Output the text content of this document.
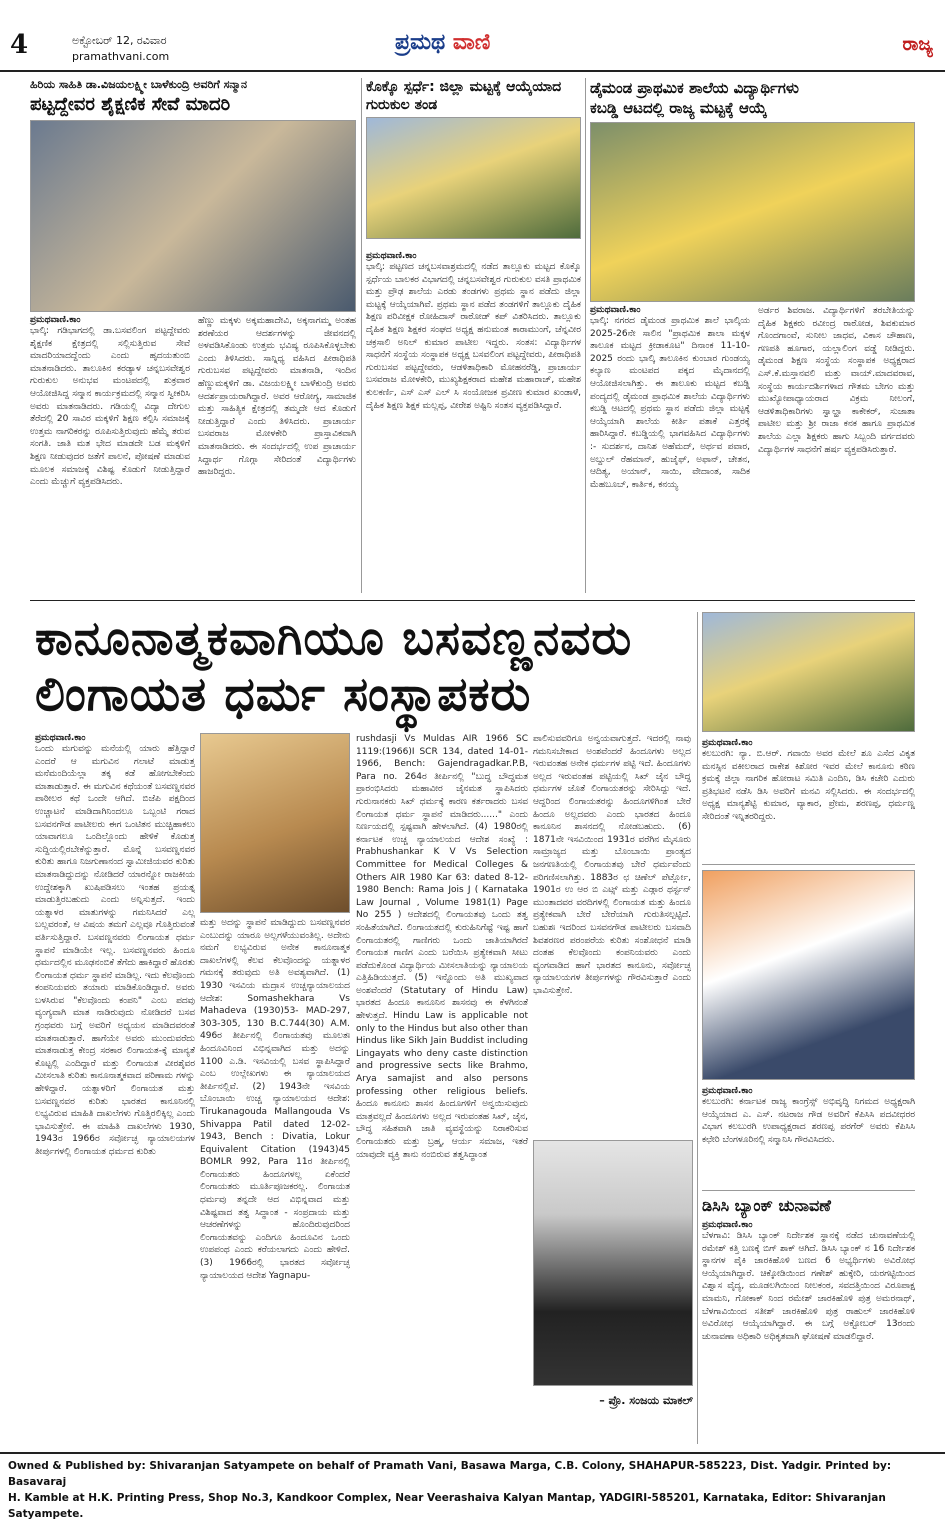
4	ಅಕ್ಟೋಬರ್ 12, ರವಿವಾರ
pramathvani.com
ಪ್ರಮಥ ವಾಣಿ	ರಾಜ್ಯ
ಹಿರಿಯ ಸಾಹಿತಿ ಡಾ.ವಿಜಯಲಕ್ಷ್ಮೀ ಬಾಳೆಕುಂದ್ರಿ ಅವರಿಗೆ ಸನ್ಮಾನ
ಪಟ್ಟದ್ದೇವರ ಶೈಕ್ಷಣಿಕ ಸೇವೆ ಮಾದರಿ
ಪ್ರಮಥವಾಣಿ.ಕಾಂ
ಭಾಲ್ಕಿ: ಗಡಿಭಾಗದಲ್ಲಿ ಡಾ.ಬಸವಲಿಂಗ ಪಟ್ಟದ್ದೇವರು ಶೈಕ್ಷಣಿಕ ಕ್ಷೇತ್ರದಲ್ಲಿ ಸಲ್ಲಿಸುತ್ತಿರುವ ಸೇವೆ ಮಾದರಿಯಾದದ್ದೆಂದು ಎಂದು ಹೃದಯತುಂಬಿ ಮಾತನಾಡಿದರು. ತಾಲೂಕಿನ ಕರಡ್ಯಾಳ ಚನ್ನಬಸವೇಶ್ವರ ಗುರುಕುಲ ಅನುಭವ ಮಂಟಪದಲ್ಲಿ ಶುಕ್ರವಾರ ಆಯೋಜಿಸಿದ್ದ ಸನ್ಮಾನ ಕಾರ್ಯಕ್ರಮದಲ್ಲಿ ಸನ್ಮಾನ ಸ್ವೀಕರಿಸಿ ಅವರು ಮಾತನಾಡಿದರು. ಗಡಿಯಲ್ಲಿ ವಿದ್ಯಾ ದೇಗುಲ ತೆರೆದಲ್ಲಿ 20 ಸಾವಿರ ಮಕ್ಕಳಿಗೆ ಶಿಕ್ಷಣ ಕಲ್ಪಿಸಿ ಸಮಾಜಕ್ಕೆ ಉತ್ತಮ ನಾಗರಿಕರನ್ನು ರೂಪಿಸುತ್ತಿರುವುದು ಹೆಮ್ಮೆ ತರುವ ಸಂಗತಿ. ಜಾತಿ ಮತ ಭೇದ ಮಾಡದೇ ಬಡ ಮಕ್ಕಳಿಗೆ ಶಿಕ್ಷಣ ನೀಡುವುದರ ಜತೆಗೆ ಪಾಲನೆ, ಪೋಷಣೆ ಮಾಡುವ ಮೂಲಕ ಸಮಾಜಕ್ಕೆ ವಿಶಿಷ್ಟ ಕೊಡುಗೆ ನೀಡುತ್ತಿದ್ದಾರೆ ಎಂದು ಮೆಚ್ಚುಗೆ ವ್ಯಕ್ತಪಡಿಸಿದರು.
ಹೆಣ್ಣು ಮಕ್ಕಳು ಅಕ್ಕಮಹಾದೇವಿ, ಅಕ್ಕನಾಗಮ್ಮ ಅಂತಹ ಶರಣೆಯರ ಆದರ್ಶಗಳನ್ನು ಜೀವನದಲ್ಲಿ ಅಳವಡಿಸಿಕೊಂಡು ಉತ್ತಮ ಭವಿಷ್ಯ ರೂಪಿಸಿಕೊಳ್ಳಬೇಕು ಎಂದು ತಿಳಿಸಿದರು. ಸಾನ್ನಿಧ್ಯ ವಹಿಸಿದ ಪೀಠಾಧಿಪತಿ ಗುರುಬಸವ ಪಟ್ಟದ್ದೇವರು ಮಾತನಾಡಿ, ಇಂದಿನ ಹೆಣ್ಣುಮಕ್ಕಳಿಗೆ ಡಾ. ವಿಜಯಲಕ್ಷ್ಮೀ ಬಾಳೆಕುಂದ್ರಿ ಅವರು ಆದರ್ಶಪ್ರಾಯರಾಗಿದ್ದಾರೆ. ಅವರ ಆರೋಗ್ಯ, ಸಾಮಾಜಿಕ ಮತ್ತು ಸಾಹಿತ್ಯಿಕ ಕ್ಷೇತ್ರದಲ್ಲಿ ತಮ್ಮದೇ ಆದ ಕೊಡುಗೆ ನೀಡುತ್ತಿದ್ದಾರೆ ಎಂದು ತಿಳಿಸಿದರು. ಪ್ರಾಚಾರ್ಯ ಬಸವರಾಜ ಮೋಳಕೇರಿ ಪ್ರಾಸ್ತಾವಿಕವಾಗಿ ಮಾತನಾಡಿದರು. ಈ ಸಂದರ್ಭದಲ್ಲಿ ಉಪ ಪ್ರಾಚಾರ್ಯ ಸಿದ್ದಾರ್ಥ ಗೊಗ್ಗಾ ಸೇರಿದಂತೆ ವಿದ್ಯಾರ್ಥಿಗಳು ಹಾಜರಿದ್ದರು.
ಕೊಕ್ಕೊ ಸ್ಪರ್ಧೆ: ಜಿಲ್ಲಾ ಮಟ್ಟಕ್ಕೆ ಆಯ್ಕೆಯಾದ ಗುರುಕುಲ ತಂಡ
ಪ್ರಮಥವಾಣಿ.ಕಾಂ
ಭಾಲ್ಕಿ: ಪಟ್ಟಣದ ಚನ್ನಬಸವಾಶ್ರಮದಲ್ಲಿ ನಡೆದ ತಾಲ್ಲೂಕು ಮಟ್ಟದ ಕೊಕ್ಕೊ ಸ್ಪರ್ಧೆಯ ಬಾಲಕರ ವಿಭಾಗದಲ್ಲಿ ಚನ್ನಬಸವೇಶ್ವರ ಗುರುಕುಲ ವಸತಿ ಪ್ರಾಥಮಿಕ ಮತ್ತು ಪ್ರೌಢ ಶಾಲೆಯ ಎರಡು ತಂಡಗಳು ಪ್ರಥಮ ಸ್ಥಾನ ಪಡೆದು ಜಿಲ್ಲಾ ಮಟ್ಟಕ್ಕೆ ಆಯ್ಕೆಯಾಗಿವೆ. ಪ್ರಥಮ ಸ್ಥಾನ ಪಡೆದ ತಂಡಗಳಿಗೆ ತಾಲ್ಲೂಕು ದೈಹಿಕ ಶಿಕ್ಷಣ ಪರಿವೀಕ್ಷಕ ರೋಹಿದಾಸ್ ರಾಠೋಡ್ ಕಪ್ ವಿತರಿಸಿದರು. ತಾಲ್ಲೂಕು ದೈಹಿಕ ಶಿಕ್ಷಣ ಶಿಕ್ಷಕರ ಸಂಘದ ಅಧ್ಯಕ್ಷ ಹನುಮಂತ ಕಾರಾಮುಂಗೆ, ಚೆನ್ನವೀರ ಚಕ್ರಸಾಲಿ ಅನಿಲ್ ಕುಮಾರ ಪಾಟೀಲ ಇದ್ದರು. ಸಂತಸ: ವಿದ್ಯಾರ್ಥಿಗಳ ಸಾಧನೆಗೆ ಸಂಸ್ಥೆಯ ಸಂಸ್ಥಾಪಕ ಅಧ್ಯಕ್ಷ ಬಸವಲಿಂಗ ಪಟ್ಟದ್ದೇವರು, ಪೀಠಾಧಿಪತಿ ಗುರುಬಸವ ಪಟ್ಟದ್ದೇವರು, ಆಡಳಿತಾಧಿಕಾರಿ ಮೋಹನರೆಡ್ಡಿ, ಪ್ರಾಚಾರ್ಯ ಬಸವರಾಜ ಮೋಳಕೇರಿ, ಮುಖ್ಯಶಿಕ್ಷಕರಾದ ಮಹೇಶ ಮಹಾರಾಜ್, ಮಹೇಶ ಕುಲಕರ್ಣಿ, ಎಸ್ ಎಸ್ ಎಲ್ ಸಿ ಸಂಯೋಜಕ ಪ್ರವೀಣ ಕುಮಾರ ಖಂಡಾಳೆ, ದೈಹಿಕ ಶಿಕ್ಷಣ ಶಿಕ್ಷಕ ಮಲ್ಲಪ್ಪ, ವೀರೇಶ ಅಷ್ಟಿನಿ ಸಂತಸ ವ್ಯಕ್ತಪಡಿಸಿದ್ದಾರೆ.
ಡೈಮಂಡ ಪ್ರಾಥಮಿಕ ಶಾಲೆಯ ವಿದ್ಯಾರ್ಥಿಗಳು
ಕಬಡ್ಡಿ ಆಟದಲ್ಲಿ ರಾಜ್ಯ ಮಟ್ಟಕ್ಕೆ ಆಯ್ಕೆ
ಪ್ರಮಥವಾಣಿ.ಕಾಂ
ಭಾಲ್ಕಿ: ನಗರದ ಡೈಮಂಡ ಪ್ರಾಥಮಿಕ ಶಾಲೆ ಭಾಲ್ಕಿಯ 2025-26ನೇ ಸಾಲಿನ "ಪ್ರಾಥಮಿಕ ಶಾಲಾ ಮಕ್ಕಳ ತಾಲೂಕ ಮಟ್ಟದ ಕ್ರೀಡಾಕೂಟ" ದಿನಾಂಕ 11-10-2025 ರಂದು ಭಾಲ್ಕಿ ತಾಲೂಕಿನ ಕುಂಬಾರ ಗುಂಡಯ್ಯ ಕಲ್ಯಾಣ ಮಂಟಪದ ಪಕ್ಕದ ಮೈದಾನದಲ್ಲಿ ಆಯೋಜಿಸಲಾಗಿತ್ತು. ಈ ತಾಲೂಕು ಮಟ್ಟದ ಕಬಡ್ಡಿ ಪಂದ್ಯದಲ್ಲಿ ಡೈಮಂಡ ಪ್ರಾಥಮಿಕ ಶಾಲೆಯ ವಿದ್ಯಾರ್ಥಿಗಳು ಕಬಡ್ಡಿ ಆಟದಲ್ಲಿ ಪ್ರಥಮ ಸ್ಥಾನ ಪಡೆದು ಜಿಲ್ಲಾ ಮಟ್ಟಕ್ಕೆ ಆಯ್ಕೆಯಾಗಿ ಶಾಲೆಯ ಕೀರ್ತಿ ಪತಾಕೆ ಎತ್ತರಕ್ಕೆ ಹಾರಿಸಿದ್ದಾರೆ. ಕಬಡ್ಡಿಯಲ್ಲಿ ಭಾಗವಹಿಸಿದ ವಿದ್ಯಾರ್ಥಿಗಳು :- ಸುದರ್ಶನ, ದಾನಿಶ ಅಹೆಮದ್, ಅರ್ಥವ ಪವಾರ, ಅಬ್ದುಲ್ ರೆಹಮಾನ್, ಹುಜೈಫ್, ಅಫಾನ್, ಚೇತನ, ಆದಿತ್ಯ, ಅಯಾನ್, ಸಾಯಿ, ವೇದಾಂತ, ಸಾದಿಕ ಮೆಹಬೂಬ್, ಕಾರ್ತಿಕ, ಕನಯ್ಯ
ಅರ್ಡರ ಶಿವರಾಜ. ವಿದ್ಯಾರ್ಥಿಗಳಿಗೆ ತರಬೇತಿಯನ್ನು ದೈಹಿಕ ಶಿಕ್ಷಕರು ರವೀಂದ್ರ ರಾಠೋಡ, ಶಿವಕುಮಾರ ಗೊಂದಗಾಂವೆ, ಸುನೀಲ ಜಾಧವ, ವಿಕಾಸ ಚೌಹಾಣ, ಗಣಪತಿ ಹೂಗಾರ, ಯಲ್ಲಾಲಿಂಗ ವಡ್ಡೆ ನೀಡಿದ್ದರು. ಡೈಮಂಡ ಶಿಕ್ಷಣ ಸಂಸ್ಥೆಯ ಸಂಸ್ಥಾಪಕ ಅಧ್ಯಕ್ಷರಾದ ಎಸ್.ಕೆ.ಮಸ್ತಾನವಲಿ ಮತ್ತು ವಾಯ್.ಮಾದವರಾವ, ಸಂಸ್ಥೆಯ ಕಾರ್ಯದರ್ಶಿಗಳಾದ ಗೌತಮ ಬೇಗಂ ಮತ್ತು ಮುಖ್ಯೋಪಾಧ್ಯಾಯರಾದ ವಿಕ್ರಮ ನೀಲಂಗೆ, ಆಡಳಿತಾಧಿಕಾರಿಗಳು ಸ್ವಾಲ್ಹಾ ಕಾಕೇಕರ್, ಸುಜಾತಾ ಪಾಟೀಲ ಮತ್ತು ಶ್ರೀ ರಾಜಾ ಕನಕ ಹಾಗೂ ಪ್ರಾಥಮಿಕ ಶಾಲೆಯ ಎಲ್ಲಾ ಶಿಕ್ಷಕರು ಹಾಗು ಸಿಬ್ಬಂದಿ ವರ್ಗದವರು ವಿದ್ಯಾರ್ಥಿಗಳ ಸಾಧನೆಗೆ ಹರ್ಷ ವ್ಯಕ್ತಪಡಿಸಿರುತ್ತಾರೆ.
ಕಾನೂನಾತ್ಮಕವಾಗಿಯೂ ಬಸವಣ್ಣನವರು
ಲಿಂಗಾಯತ ಧರ್ಮ ಸಂಸ್ಥಾಪಕರು
ಪ್ರಮಥವಾಣಿ.ಕಾಂ
ಒಂದು ಮಗುವನ್ನು ಮನೆಯಲ್ಲಿ ಯಾರು ಹೆತ್ತಿದ್ದಾರೆ ಎಂದರೆ ಆ ಮಗುವಿನ ಗಲಾಟೆ ಮಾಡುತ್ತ ಮನೆಮಂದಿಯೆಲ್ಲಾ ತಕ್ಕ ಕಡೆ ಹೋಗಬೇಕೆಂದು ಮಾತಾಡುತ್ತಾರೆ. ಈ ಮಗುವಿನ ಕಥೆಯಂತೆ ಬಸವಣ್ಣನವರ ಪಾಠೀಲರ ಕಥೆ ಒಂದೇ ಆಗಿದೆ. ಬಿಜೆಪಿ ಪಕ್ಷದಿಂದ ಉಚ್ಚಾಟನೆ ಮಾಡಿದಾಗಿನಿಂದಲೂ ಒಬ್ಬಂಟಿ ಗರಾದ ಬಸವನಗೌಡ ಪಾಟೀಲರು ಈಗ ಒಂಟಿತನ ಮುಚ್ಚಿಹಾಕಲು ಯಾವಾಗಲೂ ಒಂದಿಲ್ಲೊಂದು ಹೇಳಿಕೆ ಕೊಡುತ್ತ ಸುದ್ದಿಯಲ್ಲಿರಬೇಕೆನ್ನುತ್ತಾರೆ. ಮೊನ್ನೆ ಬಸವಣ್ಣನವರ ಕುರಿತು ಹಾಗೂ ನಿಜಗುಣಾನಂದ ಸ್ವಾಮೀಜಿಯವರ ಕುರಿತು ಮಾತನಾಡಿದ್ದುದನ್ನು ನೋಡಿದರೆ ಯಾರನ್ನೋ ರಾಜಕೀಯ ಉದ್ದೇಶಕ್ಕಾಗಿ ಖುಷಿಪಡಿಸಲು ಇಂತಹ ಪ್ರಯತ್ನ ಮಾಡುತ್ತಿರಬಹುದು ಎಂದು ಅನ್ನಿಸುತ್ತದೆ. ಇಂದು ಯತ್ನಾಳರ ಮಾತುಗಳನ್ನು ಗಮನಿಸಿದರೆ ಎಲ್ಲ ಬಲ್ಲವರಂತೆ, ಆ ವಿಷಯ ತಮಗೆ ಎಲ್ಲವೂ ಗೊತ್ತಿರುವಂತೆ ವರ್ತಿಸುತ್ತಿದ್ದಾರೆ. ಬಸವಣ್ಣನವರು ಲಿಂಗಾಯತ ಧರ್ಮ ಸ್ಥಾಪನೆ ಮಾಡಿಯೇ ಇಲ್ಲ. ಬಸವಣ್ಣನವರು ಹಿಂದೂ ಧರ್ಮದಲ್ಲಿನ ಮೂಢನಂಬಿಕೆ ತೆಗೆದು ಹಾಕಿದ್ದಾರೆ ಹೊರತು ಲಿಂಗಾಯತ ಧರ್ಮ ಸ್ಥಾಪನೆ ಮಾಡಿಲ್ಲ. ಇದು ಕೆಲವೊಂದು ಕಂಪನಿಯವರು ತಯಾರು ಮಾಡಿಕೊಂಡಿದ್ದಾರೆ. ಅವರು ಬಳಸಿರುವ "ಕೆಲವೊಂದು ಕಂಪನಿ" ಎಂಬ ಪದವು ವ್ಯಂಗ್ಯವಾಗಿ ಮಾತ ನಾಡಿರುವುದು ನೋಡಿದರೆ ಬಸವ ಗ್ರಂಥವರು ಬಗ್ಗೆ ಅವರಿಗೆ ಅಧ್ಯಯನ ಮಾಡಿದವರಂತೆ ಮಾತನಾಡುತ್ತಾರೆ. ಹಾಗೆಯೇ ಅವರು ಮುಂದುವರೆದು ಮಾತನಾಡುತ್ತ ಕೇಂದ್ರ ಸರಕಾರ ಲಿಂಗಾಯತ-ಕ್ಕೆ ಮಾನ್ಯತೆ ಕೊಟ್ಟಲ್ಲಿ ಎಂದಿದ್ದಾರೆ ಮತ್ತು ಲಿಂಗಾಯತ ವೀರಶೈವರ ಮೀಸಲಾತಿ ಕುರಿತು ಕಾನೂನಾತ್ಮಕವಾದ ಪರಿಣಾಮ ಗಳನ್ನು ಹೇಳಿದ್ದಾರೆ. ಯತ್ನಾಳರಿಗೆ ಲಿಂಗಾಯತ ಮತ್ತು ಬಸವಣ್ಣನವರ ಕುರಿತು ಭಾರತದ ಕಾನೂನಿನಲ್ಲಿ ಲಭ್ಯವಿರುವ ಮಾಹಿತಿ ದಾಖಲೆಗಳು ಗೊತ್ತಿರಲಿಕ್ಕಿಲ್ಲ ಎಂದು ಭಾವಿಸುತ್ತೇನೆ. ಈ ಮಾಹಿತಿ ದಾಖಲೆಗಳು 1930, 1943ರ 1966ರ ಸರ್ವೋಚ್ಛ ನ್ಯಾಯಾಲಯಗಳ ತೀರ್ಪುಗಳಲ್ಲಿ ಲಿಂಗಾಯತ ಧರ್ಮದ ಕುರಿತು
ಮತ್ತು ಅದನ್ನು ಸ್ಥಾಪನೆ ಮಾಡಿದ್ದುದು ಬಸವಣ್ಣನವರ ಎಂಬುದನ್ನು ಯಾರೂ ಅಲ್ಲಗಳೆಯುವಂತಿಲ್ಲ. ಅದೇನು ನಮಗೆ ಲಭ್ಯವಿರುವ ಅನೇಕ ಕಾನೂನಾತ್ಮಕ ದಾಖಲೆಗಳಲ್ಲಿ ಕೆಲವ ಕೆಲವೊಂದನ್ನು ಯತ್ನಾಳರ ಗಮನಕ್ಕೆ ತರುವುದು ಅತಿ ಅವಶ್ಯವಾಗಿದೆ. (1) 1930 ಇಸವಿಯ ಮದ್ರಾಸ ಉಚ್ಚನ್ಯಾಯಾಲಯದ ಆದೇಶ: Somashekhara Vs Mahadeva (1930)53- MAD-297, 303-305, 130 B.C.744(30) A.M. 496ರ ತೀರ್ಪಿನಲ್ಲಿ ಲಿಂಗಾಯತವು ಮೂಲತಃ ಹಿಂದೂವಿನಿಂದ ವಿಭಿನ್ನವಾಗಿದ ಮತ್ತು ಅದನ್ನು 1100 ಎ.ಡಿ. ಇಸವಿಯಲ್ಲಿ ಬಸವ ಸ್ಥಾಪಿಸಿದ್ದಾರೆ ಎಂಬ ಉಲ್ಲೇಖಗಳು ಈ ನ್ಯಾಯಾಲಯದ ತೀರ್ಪಿನಲ್ಲಿವೆ. (2) 1943ನೇ ಇಸವಿಯ ಬೊಂಬಾಯಿ ಉಚ್ಚ ನ್ಯಾಯಾಲಯದ ಆದೇಶ: Tirukanagouda Mallangouda Vs Shivappa Patil dated 12-02-1943, Bench : Divatia, Lokur Equivalent Citation (1943)45 BOMLR 992, Para 11ರ ತೀರ್ಪಿನಲ್ಲಿ ಲಿಂಗಾಯತರು ಹಿಂದೂಗಳಲ್ಲ ಏಕೆಂದರೆ ಲಿಂಗಾಯತರು ಮೂರ್ತಿಪೂಜಕರಲ್ಲ. ಲಿಂಗಾಯತ ಧರ್ಮವು ತನ್ನದೇ ಆದ ವಿಭಿನ್ನವಾದ ಮತ್ತು ವಿಶಿಷ್ಟವಾದ ತತ್ವ ಸಿದ್ಧಾಂತ - ಸಂಪ್ರದಾಯ ಮತ್ತು ಆಚರಣೆಗಳನ್ನು ಹೊಂದಿರುವುದರಿಂದ ಲಿಂಗಾಯತವನ್ನು ಎಂದಿಗೂ ಹಿಂದೂವಿನ ಒಂದು ಉಪಪಂಥ ಎಂದು ಕರೆಯಲಾಗದು ಎಂದು ಹೇಳಿದೆ. (3) 1966ರಲ್ಲಿ ಭಾರತದ ಸರ್ವೋಚ್ಛ ನ್ಯಾಯಾಲಯದ ಆದೇಶ Yagnapu-
rushdasji Vs Muldas AIR 1966 SC 1119:(1966)I SCR 134, dated 14-01-1966, Bench: Gajendragadkar.P.B, Para no. 264ರ ತೀರ್ಪಿನಲ್ಲಿ "ಬುದ್ಧ ಬೌದ್ಧಮತ ಪ್ರಾರಂಭಿಸಿದರು ಮಹಾವೀರ ಜೈನಮತ ಸ್ಥಾಪಿಸಿದರು ಗುರುನಾನಕರು ಸಿಖ್ ಧರ್ಮಕ್ಕೆ ಕಾರಣ ಕರ್ತರಾದರು ಬಸವ ಲಿಂಗಾಯತ ಧರ್ಮ ಸ್ಥಾಪನೆ ಮಾಡಿದರು......" ಎಂದು ನಿರ್ಣಯದಲ್ಲಿ ಸ್ಪಷ್ಟವಾಗಿ ಹೇಳಲಾಗಿದೆ. (4) 1980ರಲ್ಲಿ ಕರ್ನಾಟಕ ಉಚ್ಚ ನ್ಯಾಯಾಲಯದ ಆದೇಶ ಸಂಖ್ಯೆ : Prabhushankar K V Vs Selection Committee for Medical Colleges & Others AIR 1980 Kar 63: dated 8-12-1980 Bench: Rama Jois J ( Karnataka Law Journal , Volume 1981(1) Page No 255 ) ಆದೇಶದಲ್ಲಿ ಲಿಂಗಾಯತವು ಒಂದು ತತ್ವ ಸಂಹಿತೆಯಾಗಿದೆ. ಲಿಂಗಾಯತದಲ್ಲಿ ಕುರುಹಿನಿಗೆಷ್ಟೆ ಇಷ್ಟ ಹಾಗೆ ಲಿಂಗಾಯತರಲ್ಲಿ ಗಾಣಿಗರು ಒಂದು ಜಾತಿಯಾಗಿರದೆ ಲಿಂಗಾಯತ ಗಾಣಿಗ ಎಂದು ಬರೆಯಿಸಿ ಪ್ರತ್ಯೇಕವಾಗಿ ಸೀಟು ಪಡೆದುಕೊಂಡ ವಿದ್ಯಾರ್ಥಿಯ ಮೀಸಲಾತಿಯನ್ನು ನ್ಯಾಯಾಲಯ ಎತ್ತಿಹಿಡಿಯುತ್ತದೆ. (5) ಇನ್ನೊಂದು ಅತಿ ಮುಖ್ಯವಾದ ಅಂಶವೆಂದರೆ (Statutary of Hindu Law) ಭಾರತದ ಹಿಂದೂ ಕಾನೂನಿನ ಶಾಸನವು ಈ ಕೆಳಗಿನಂತೆ ಹೇಳುತ್ತದೆ. Hindu Law is applicable not only to the Hindus but also other than Hindus like Sikh Jain Buddist including Lingayats who deny caste distinction and progressive sects like Brahmo, Arya samajist and also persons professing other religious beliefs. ಹಿಂದೂ ಕಾನೂನು ಶಾಸನ ಹಿಂದೂಗಳಿಗೆ ಅನ್ವಯಿಸುವುದು ಮಾತ್ರವಲ್ಲದೆ ಹಿಂದೂಗಳು ಅಲ್ಲದ ಇರುವಂತಹ ಸಿಖ್, ಜೈನ, ಬೌದ್ಧ ಸಹಿತವಾಗಿ ಜಾತಿ ವ್ಯವಸ್ಥೆಯನ್ನು ನಿರಾಕರಿಸುವ ಲಿಂಗಾಯತರು ಮತ್ತು ಬ್ರಹ್ಮ, ಆರ್ಯ ಸಮಾಜ, ಇತರೆ ಯಾವುದೇ ವ್ಯಕ್ತಿ ತಾನು ನಂಬಿರುವ ತತ್ವಸಿದ್ಧಾಂತ
ಪಾಲಿಸುವವರಿಗೂ ಅನ್ವಯವಾಗುತ್ತದೆ. ಇದರಲ್ಲಿ ನಾವು ಗಮನಿಸಬೇಕಾದ ಅಂಶವೆಂದರೆ ಹಿಂದೂಗಳು ಅಲ್ಲದ ಇರುವಂತಹ ಅನೇಕ ಧರ್ಮಗಳ ಪಟ್ಟಿ ಇದೆ. ಹಿಂದೂಗಳು ಅಲ್ಲದ ಇರುವಂತಹ ಪಟ್ಟಿಯಲ್ಲಿ ಸಿಖ್ ಜೈನ ಬೌದ್ಧ ಧರ್ಮಗಳ ಜೊತೆ ಲಿಂಗಾಯತರನ್ನು ಸೇರಿಸಿದ್ದು ಇದೆ. ಆದ್ದರಿಂದ ಲಿಂಗಾಯತರನ್ನು ಹಿಂದೂಗಳಿಗಿಂತ ಬೇರೆ ಹಿಂದೂ ಅಲ್ಲದವರು ಎಂದು ಭಾರತದ ಹಿಂದೂ ಕಾನೂನಿನ ಶಾಸನದಲ್ಲಿ ನೋಡಬಹುದು. (6) 1871ನೇ ಇಸವಿಯಿಂದ 1931ರ ವರೆಗಿನ ಮೈಸೂರು ಸಾಮ್ರಾಜ್ಯದ ಮತ್ತು ಬೊಂಬಾಯಿ ಪ್ರಾಂತ್ಯದ ಜನಗಣತಿಯಲ್ಲಿ ಲಿಂಗಾಯತವು ಬೇರೆ ಧರ್ಮವೆಂದು ಪರಿಗಣಿಸಲಾಗಿತ್ತು. 1883ರ ಛ ಚಿಣೆಲ್ ಪೆರ್ಟ್ಲೋ, 1901ರ ಉ ಆರ ಬಿ ಎಟ್ಸ್ ಮತ್ತು ಎಡ್ಗಾರ ಥರ್ಸ್ಟನ್ ಮುಂತಾದವರ ವರದಿಗಳಲ್ಲಿ ಲಿಂಗಾಯತ ಮತ್ತು ಹಿಂದೂ ಪ್ರತ್ಯೇಕವಾಗಿ ಬೇರೆ ಬೇರೆಯಾಗಿ ಗುರುತಿಸಲ್ಪಟ್ಟಿದೆ. ಬಹುಶಃ ಇದರಿಂದ ಬಸವನಗೌಡ ಪಾಟೀಲರು ಬಸವಾದಿ ಶಿವಶರಣರ ಪರಂಪರೆಯ ಕುರಿತು ಸಂಶೋಧನೆ ಮಾಡಿ ದಂತಹ ಕೆಲವೊಂದು ಕಂಪನಿಯವರು ಎಂದು ವ್ಯಂಗವಾಡಿದ ಹಾಗೆ ಭಾರತದ ಕಾನೂನು, ಸರ್ವೋಚ್ಛ ನ್ಯಾಯಾಲಯಗಳ ತೀರ್ಪುಗಳನ್ನು ಗೌರವಿಸುತ್ತಾರೆ ಎಂದು ಭಾವಿಸುತ್ತೇನೆ.
– ಪ್ರೊ. ಸಂಜಯ ಮಾಕಲ್
ಪ್ರಮಥವಾಣಿ.ಕಾಂ
ಕಲಬುರಗಿ: ನ್ಯಾ. ಬಿ.ಆರ್. ಗವಾಯಿ ಅವರ ಮೇಲೆ ಶೂ ಎಸೆದ ವಿಕೃತ ಮನಸ್ಸಿನ ವಕೀಲರಾದ ರಾಕೇಶ ಕಿಶೋರ ಇವರ ಮೇಲೆ ಕಾನೂನು ಕಠಿಣ ಕ್ರಮಕ್ಕೆ ಜಿಲ್ಲಾ ನಾಗರಿಕ ಹೋರಾಟ ಸಮಿತಿ ಎಂದಿನಿ, ಡಿಸಿ ಕಚೇರಿ ಎದುರು ಪ್ರತಿಭಟನೆ ನಡೆಸಿ ಡಿಸಿ ಅವರಿಗೆ ಮನವಿ ಸಲ್ಲಿಸಿದರು. ಈ ಸಂದರ್ಭದಲ್ಲಿ ಅಧ್ಯಕ್ಷ ಮಾನ್ಯಶೆಟ್ಟಿ ಕುಮಾರ, ವ್ಯಾಕಾರ, ಪ್ರೇಮ, ಶರಣಪ್ಪ, ಧರ್ಮಣ್ಣ ಸೇರಿದಂತೆ ಇನ್ನಿತರರಿದ್ದರು.
ಪ್ರಮಥವಾಣಿ.ಕಾಂ
ಕಲಬುರಗಿ: ಕರ್ನಾಟಕ ರಾಜ್ಯ ಕಾಂಗ್ರೆಸ್ಸ್ ಅಭಿವೃದ್ಧಿ ನಿಗಮದ ಅಧ್ಯಕ್ಷರಾಗಿ ಆಯ್ಕೆಯಾದ ಎ. ಎಸ್. ನಟರಾಜ ಗೌಡ ಅವರಿಗೆ ಕೆಪಿಸಿಸಿ ಪದವೀಧರರ ವಿಭಾಗ ಕಲಬುರಗಿ ಉಪಾಧ್ಯಕ್ಷರಾದ ಶರಣಪ್ಪ ಪರಗೆರ್ ಅವರು ಕೆಪಿಸಿಸಿ ಕಛೇರಿ ಬೆಂಗಳೂರಿನಲ್ಲಿ ಸನ್ಮಾನಿಸಿ ಗೌರವಿಸಿದರು.
ಡಿಸಿಸಿ ಬ್ಯಾಂಕ್ ಚುನಾವಣೆ
ಪ್ರಮಥವಾಣಿ.ಕಾಂ
ಬೆಳಗಾವಿ: ಡಿಸಿಸಿ ಬ್ಯಾಂಕ್ ನಿರ್ದೇಶಕ ಸ್ಥಾನಕ್ಕೆ ನಡೆದ ಚುನಾವಣೆಯಲ್ಲಿ ರಮೇಶ್ ಕತ್ತಿ ಬಣಕ್ಕೆ ಬಿಗ್ ಶಾಕ್ ಆಗಿದೆ. ಡಿಸಿಸಿ ಬ್ಯಾಂಕ್ ನ 16 ನಿರ್ದೇಶಕ ಸ್ಥಾನಗಳ ಪೈಕಿ ಜಾರಕಿಹೊಳಿ ಬಣದ 6 ಅಭ್ಯರ್ಥಿಗಳು ಅವಿರೋಧ ಆಯ್ಕೆಯಾಗಿದ್ದಾರೆ. ಚಿಕ್ಕೋಡಿಯಿಂದ ಗಣೇಶ್ ಹುಕ್ಕೇರಿ, ಯರಗಟ್ಟಿಯಿಂದ ವಿಶ್ವಾಸ ವೈದ್ಯ, ಮೂಡಲಗಿಯಿಂದ ನೀಲಕಂಠ, ಸವದತ್ತಿಯಿಂದ ವಿರೂಪಾಕ್ಷ ಮಾಮನಿ, ಗೋಕಾಕ್ ನಿಂದ ರಮೇಶ್ ಜಾರಕಿಹೊಳಿ ಪುತ್ರ ಅಮರನಾಥ್, ಬೆಳಗಾವಿಯಿಂದ ಸತೀಶ್ ಜಾರಕಿಹೊಳಿ ಪುತ್ರ ರಾಹುಲ್ ಜಾರಕಿಹೊಳಿ ಅವಿರೋಧ ಆಯ್ಕೆಯಾಗಿದ್ದಾರೆ. ಈ ಬಗ್ಗೆ ಅಕ್ಟೋಬರ್ 13ರಂದು ಚುನಾವಣಾ ಅಧಿಕಾರಿ ಅಧಿಕೃತವಾಗಿ ಘೋಷಣೆ ಮಾಡಲಿದ್ದಾರೆ.
Owned & Published by: Shivaranjan Satyampete on behalf of Pramath Vani, Basawa Marga, C.B. Colony, SHAHAPUR-585223, Dist. Yadgir. Printed by: Basavaraj
H. Kamble at H.K. Printing Press, Shop No.3, Kandkoor Complex, Near Veerashaiva Kalyan Mantap, YADGIRI-585201, Karnataka, Editor: Shivaranjan Satyampete.
